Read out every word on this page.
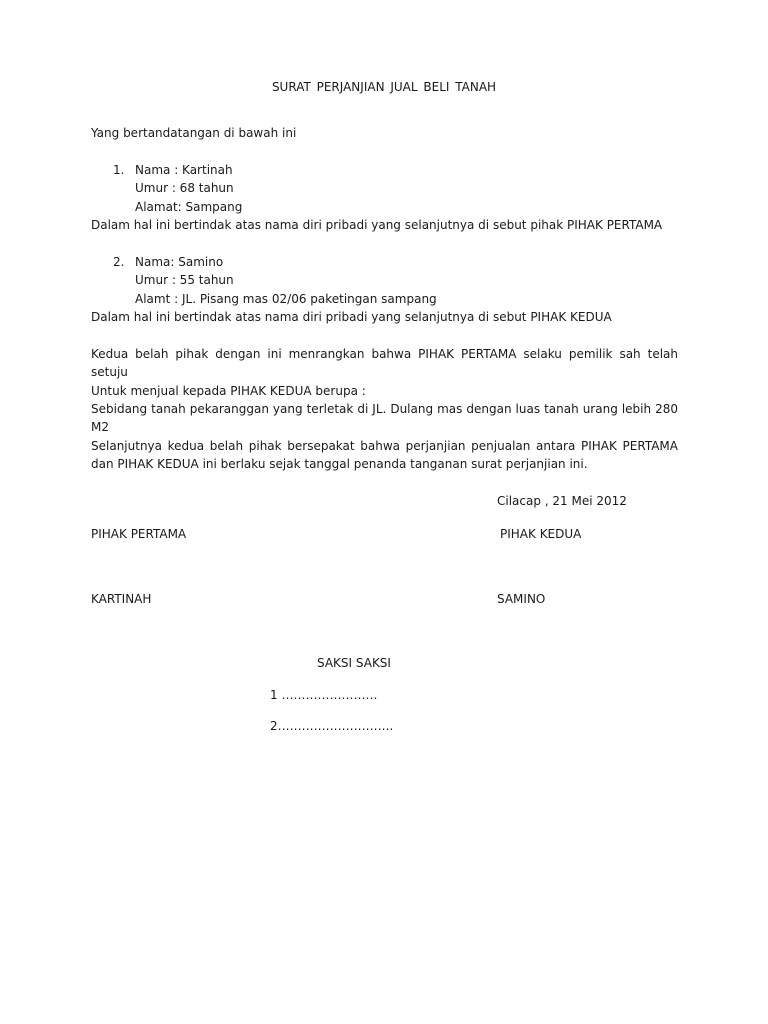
SURAT PERJANJIAN JUAL BELI TANAH
Yang bertandatangan di bawah ini
1. Nama : Kartinah
Umur : 68 tahun
Alamat: Sampang
Dalam hal ini bertindak atas nama diri pribadi yang selanjutnya di sebut pihak PIHAK PERTAMA
2. Nama: Samino
Umur : 55 tahun
Alamt : JL. Pisang mas 02/06 paketingan sampang
Dalam hal ini bertindak atas nama diri pribadi yang selanjutnya di sebut PIHAK KEDUA
Kedua belah pihak dengan ini menrangkan bahwa PIHAK PERTAMA selaku pemilik sah telah
setuju
Untuk menjual kepada PIHAK KEDUA berupa :
Sebidang tanah pekaranggan yang terletak di JL. Dulang mas dengan luas tanah urang lebih 280
M2
Selanjutnya kedua belah pihak bersepakat bahwa perjanjian penjualan antara PIHAK PERTAMA
dan PIHAK KEDUA ini berlaku sejak tanggal penanda tanganan surat perjanjian ini.
Cilacap , 21 Mei 2012
PIHAK PERTAMA	PIHAK KEDUA
KARTINAH	SAMINO
SAKSI SAKSI
1 ……………………
2………………………..
